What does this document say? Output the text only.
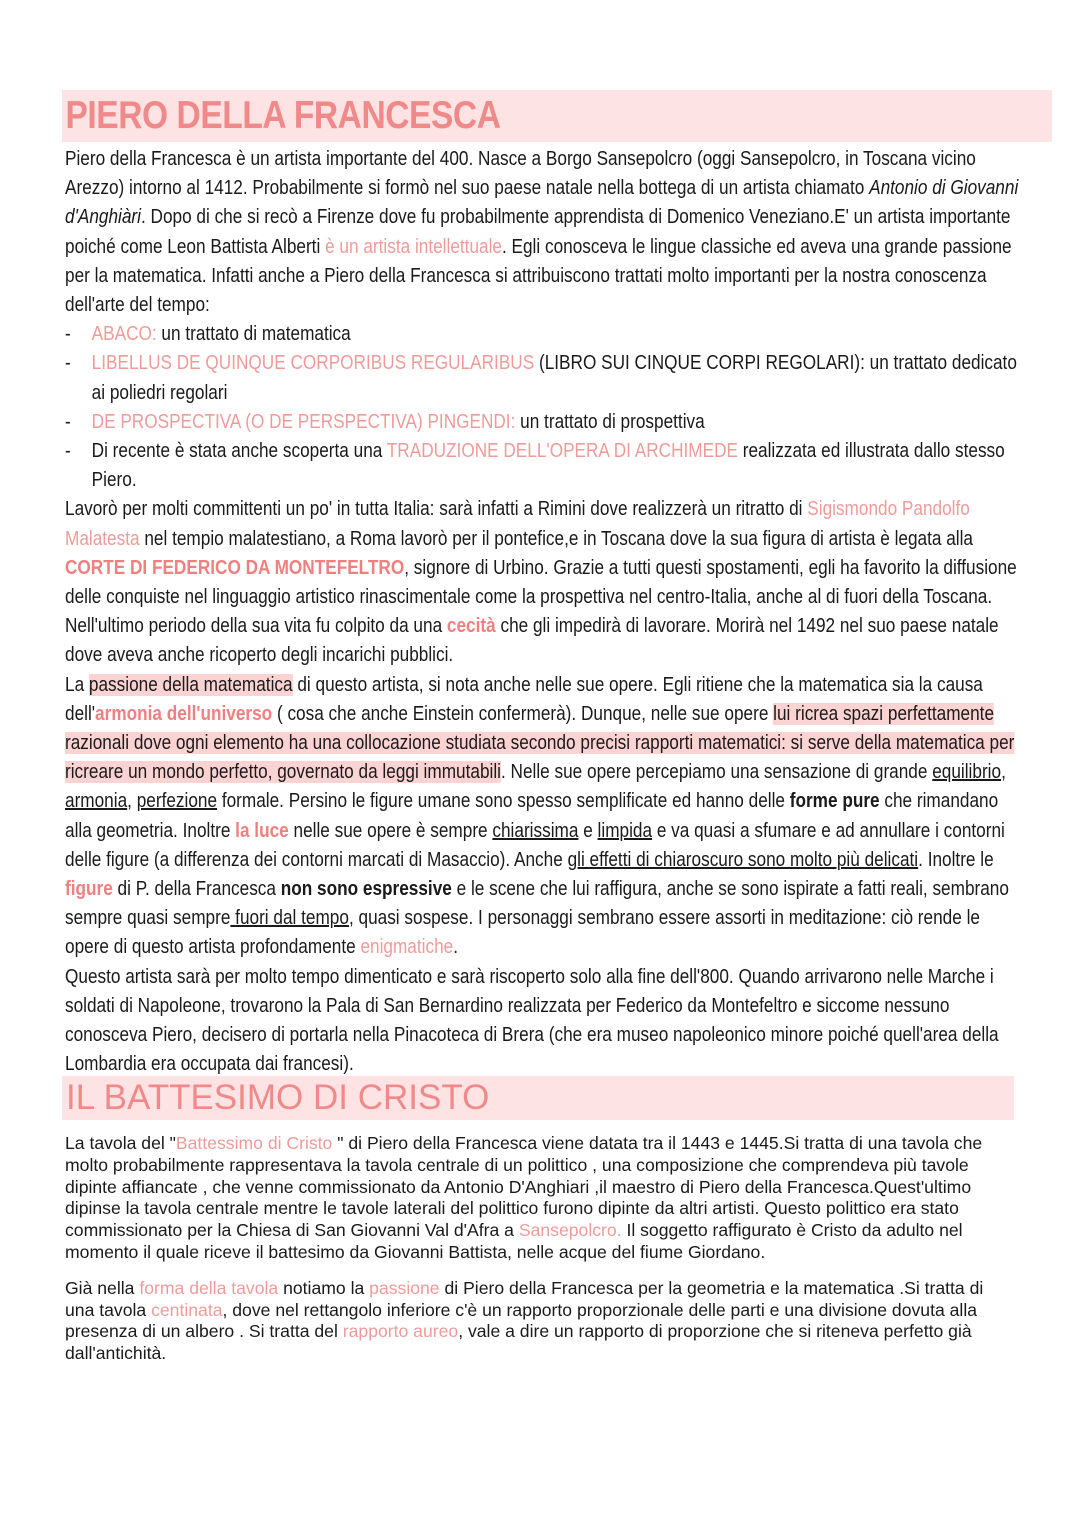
PIERO DELLA FRANCESCA

Piero della Francesca è un artista importante del 400. Nasce a Borgo Sansepolcro (oggi Sansepolcro, in Toscana vicino Arezzo) intorno al 1412. Probabilmente si formò nel suo paese natale nella bottega di un artista chiamato Antonio di Giovanni d'Anghiàri. Dopo di che si recò a Firenze dove fu probabilmente apprendista di Domenico Veneziano.E' un artista importante poiché come Leon Battista Alberti è un artista intellettuale. Egli conosceva le lingue classiche ed aveva una grande passione per la matematica. Infatti anche a Piero della Francesca si attribuiscono trattati molto importanti per la nostra conoscenza dell'arte del tempo:

- ABACO: un trattato di matematica
- LIBELLUS DE QUINQUE CORPORIBUS REGULARIBUS (LIBRO SUI CINQUE CORPI REGOLARI): un trattato dedicato ai poliedri regolari
- DE PROSPECTIVA (O DE PERSPECTIVA) PINGENDI: un trattato di prospettiva
- Di recente è stata anche scoperta una TRADUZIONE DELL'OPERA DI ARCHIMEDE realizzata ed illustrata dallo stesso Piero.

Lavorò per molti committenti un po' in tutta Italia: sarà infatti a Rimini dove realizzerà un ritratto di Sigismondo Pandolfo Malatesta nel tempio malatestiano, a Roma lavorò per il pontefice,e in Toscana dove la sua figura di artista è legata alla CORTE DI FEDERICO DA MONTEFELTRO, signore di Urbino. Grazie a tutti questi spostamenti, egli ha favorito la diffusione delle conquiste nel linguaggio artistico rinascimentale come la prospettiva nel centro-Italia, anche al di fuori della Toscana. Nell'ultimo periodo della sua vita fu colpito da una cecità che gli impedirà di lavorare. Morirà nel 1492 nel suo paese natale dove aveva anche ricoperto degli incarichi pubblici.

La passione della matematica di questo artista, si nota anche nelle sue opere. Egli ritiene che la matematica sia la causa dell'armonia dell'universo ( cosa che anche Einstein confermerà). Dunque, nelle sue opere lui ricrea spazi perfettamente razionali dove ogni elemento ha una collocazione studiata secondo precisi rapporti matematici: si serve della matematica per ricreare un mondo perfetto, governato da leggi immutabili. Nelle sue opere percepiamo una sensazione di grande equilibrio, armonia, perfezione formale. Persino le figure umane sono spesso semplificate ed hanno delle forme pure che rimandano alla geometria. Inoltre la luce nelle sue opere è sempre chiarissima e limpida e va quasi a sfumare e ad annullare i contorni delle figure (a differenza dei contorni marcati di Masaccio). Anche gli effetti di chiaroscuro sono molto più delicati. Inoltre le figure di P. della Francesca non sono espressive e le scene che lui raffigura, anche se sono ispirate a fatti reali, sembrano sempre quasi sempre fuori dal tempo, quasi sospese. I personaggi sembrano essere assorti in meditazione: ciò rende le opere di questo artista profondamente enigmatiche.

Questo artista sarà per molto tempo dimenticato e sarà riscoperto solo alla fine dell'800. Quando arrivarono nelle Marche i soldati di Napoleone, trovarono la Pala di San Bernardino realizzata per Federico da Montefeltro e siccome nessuno conosceva Piero, decisero di portarla nella Pinacoteca di Brera (che era museo napoleonico minore poiché quell'area della Lombardia era occupata dai francesi).

IL BATTESIMO DI CRISTO

La tavola del "Battessimo di Cristo " di Piero della Francesca viene datata tra il 1443 e 1445.Si tratta di una tavola che molto probabilmente rappresentava la tavola centrale di un polittico , una composizione che comprendeva più tavole dipinte affiancate , che venne commissionato da Antonio D'Anghiari ,il maestro di Piero della Francesca.Quest'ultimo dipinse la tavola centrale mentre le tavole laterali del polittico furono dipinte da altri artisti. Questo polittico era stato commissionato per la Chiesa di San Giovanni Val d'Afra a Sansepolcro. Il soggetto raffigurato è Cristo da adulto nel momento il quale riceve il battesimo da Giovanni Battista, nelle acque del fiume Giordano.

Già nella forma della tavola notiamo la passione di Piero della Francesca per la geometria e la matematica .Si tratta di una tavola centinata, dove nel rettangolo inferiore c'è un rapporto proporzionale delle parti e una divisione dovuta alla presenza di un albero . Si tratta del rapporto aureo, vale a dire un rapporto di proporzione che si riteneva perfetto già dall'antichità.
